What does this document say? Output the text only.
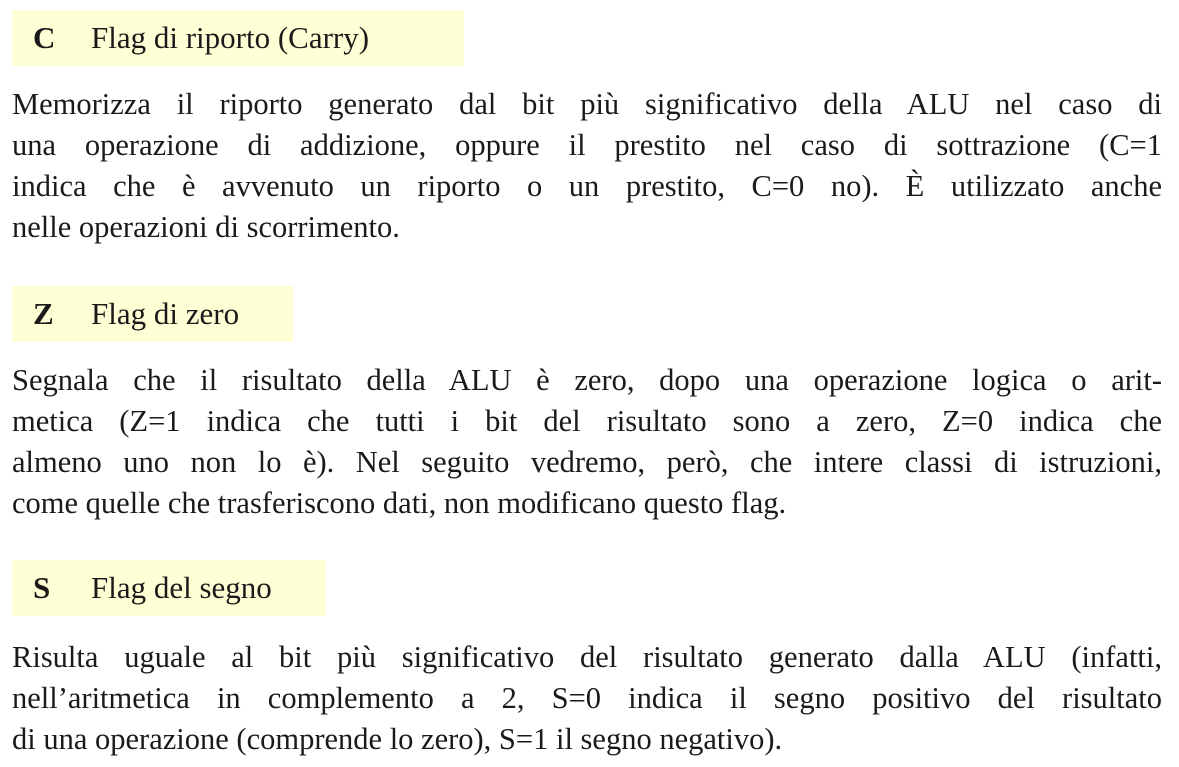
C	Flag di riporto (Carry)
Memorizza il riporto generato dal bit più significativo della ALU nel caso di
una operazione di addizione, oppure il prestito nel caso di sottrazione (C=1
indica che è avvenuto un riporto o un prestito, C=0 no). È utilizzato anche
nelle operazioni di scorrimento.
Z	Flag di zero
Segnala che il risultato della ALU è zero, dopo una operazione logica o arit-
metica (Z=1 indica che tutti i bit del risultato sono a zero, Z=0 indica che
almeno uno non lo è). Nel seguito vedremo, però, che intere classi di istruzioni,
come quelle che trasferiscono dati, non modificano questo flag.
S	Flag del segno
Risulta uguale al bit più significativo del risultato generato dalla ALU (infatti,
nell’aritmetica in complemento a 2, S=0 indica il segno positivo del risultato
di una operazione (comprende lo zero), S=1 il segno negativo).
